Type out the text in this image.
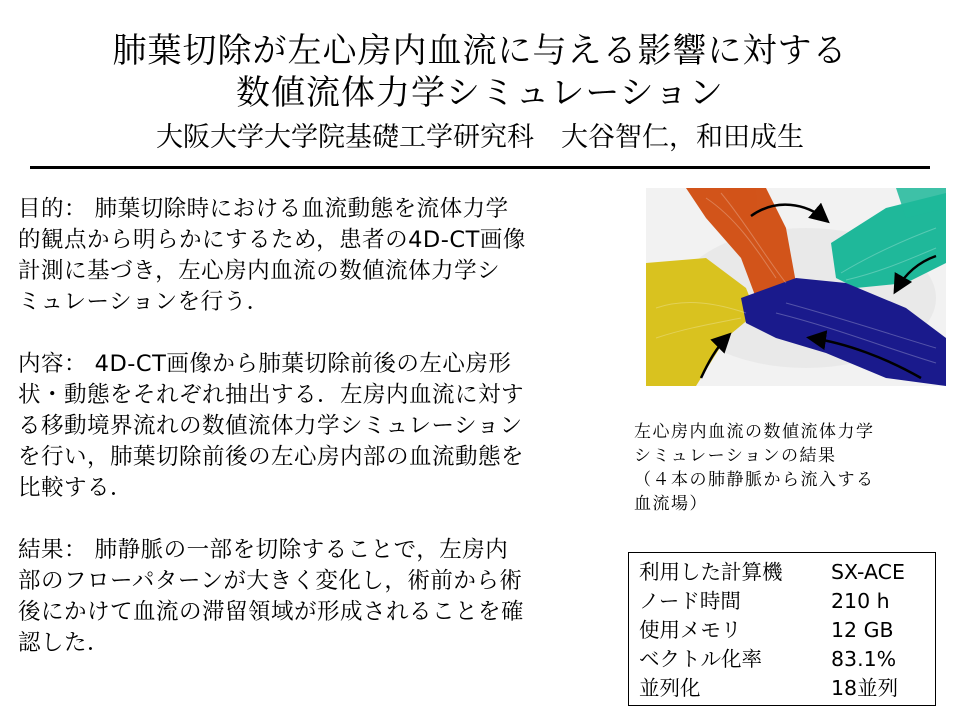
肺葉切除が左心房内血流に与える影響に対する
数値流体力学シミュレーション
大阪大学大学院基礎工学研究科　大谷智仁，和田成生
目的： 肺葉切除時における血流動態を流体力学
的観点から明らかにするため，患者の4D-CT画像
計測に基づき，左心房内血流の数値流体力学シ
ミュレーションを行う．
内容： 4D-CT画像から肺葉切除前後の左心房形
状・動態をそれぞれ抽出する．左房内血流に対す
る移動境界流れの数値流体力学シミュレーション
を行い，肺葉切除前後の左心房内部の血流動態を
比較する．
結果： 肺静脈の一部を切除することで，左房内
部のフローパターンが大きく変化し，術前から術
後にかけて血流の滞留領域が形成されることを確
認した．
左心房内血流の数値流体力学
シミュレーションの結果
（４本の肺静脈から流入する
血流場）
利用した計算機	SX-ACE
ノード時間	210 h
使用メモリ	12 GB
ベクトル化率	83.1%
並列化	18並列
